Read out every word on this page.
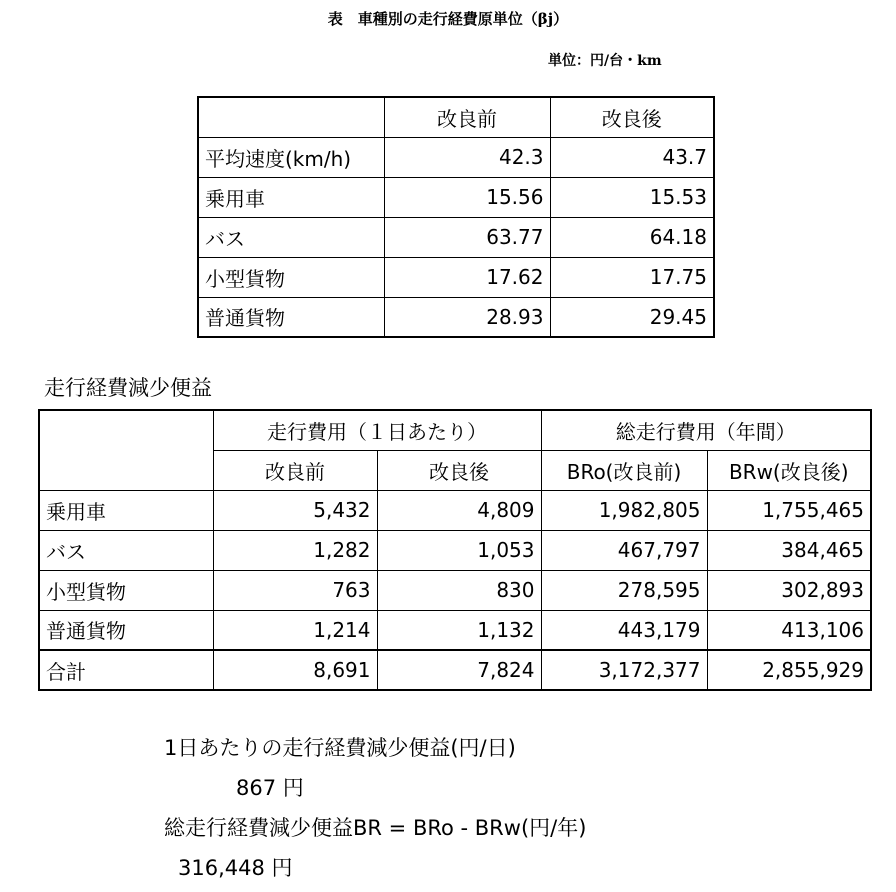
表　車種別の走行経費原単位（βj）
単位：円/台・km
	改良前	改良後
平均速度(km/h)	42.3	43.7
乗用車	15.56	15.53
バス	63.77	64.18
小型貨物	17.62	17.75
普通貨物	28.93	29.45
走行経費減少便益
	走行費用（１日あたり）		総走行費用（年間）	
	改良前	改良後	BRo(改良前)	BRw(改良後)
乗用車	5,432	4,809	1,982,805	1,755,465
バス	1,282	1,053	467,797	384,465
小型貨物	763	830	278,595	302,893
普通貨物	1,214	1,132	443,179	413,106
合計	8,691	7,824	3,172,377	2,855,929
1日あたりの走行経費減少便益(円/日)
867 円
総走行経費減少便益BR = BRo - BRw(円/年)
316,448 円
